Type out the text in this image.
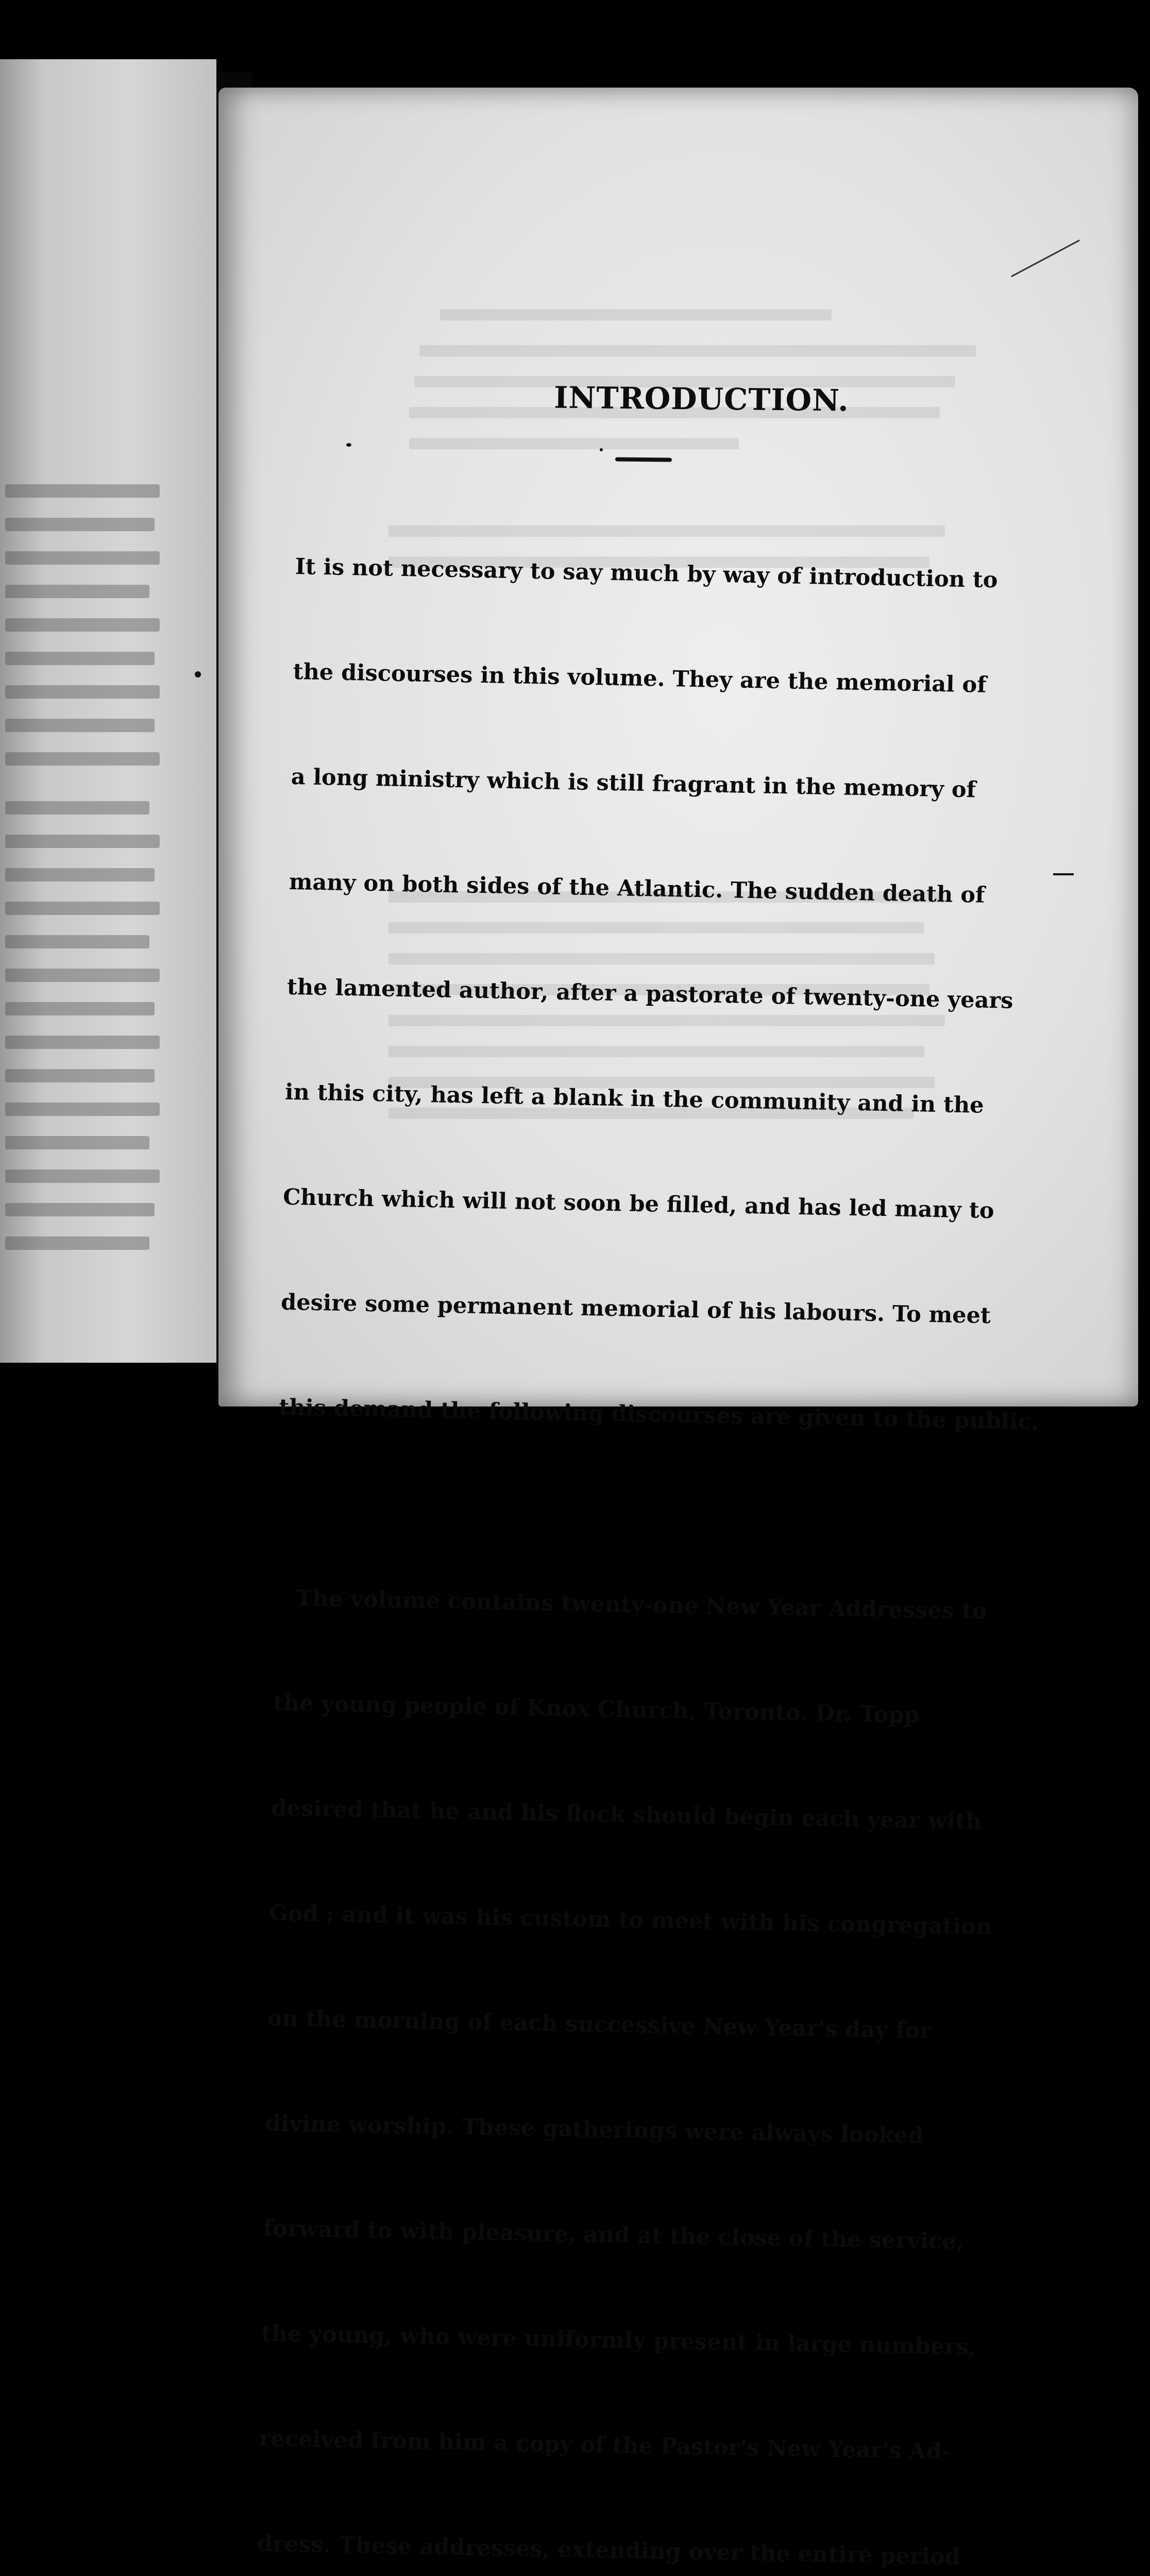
INTRODUCTION.

It is not necessary to say much by way of introduction to

the discourses in this volume. They are the memorial of

a long ministry which is still fragrant in the memory of

many on both sides of the Atlantic. The sudden death of

the lamented author, after a pastorate of twenty-one years

in this city, has left a blank in the community and in the

Church which will not soon be filled, and has led many to

desire some permanent memorial of his labours. To meet

this demand the following discourses are given to the public.

The volume contains twenty-one New Year Addresses to

the young people of Knox Church, Toronto. Dr. Topp

desired that he and his flock should begin each year with

God ; and it was his custom to meet with his congregation

on the morning of each successive New Year's day for

divine worship. These gatherings were always looked

forward to with pleasure, and at the close of the service,

the young, who were uniformly present in large numbers,

received from him a copy of the Pastor's New Year's Ad-

dress. These addresses, extending over the entire period
